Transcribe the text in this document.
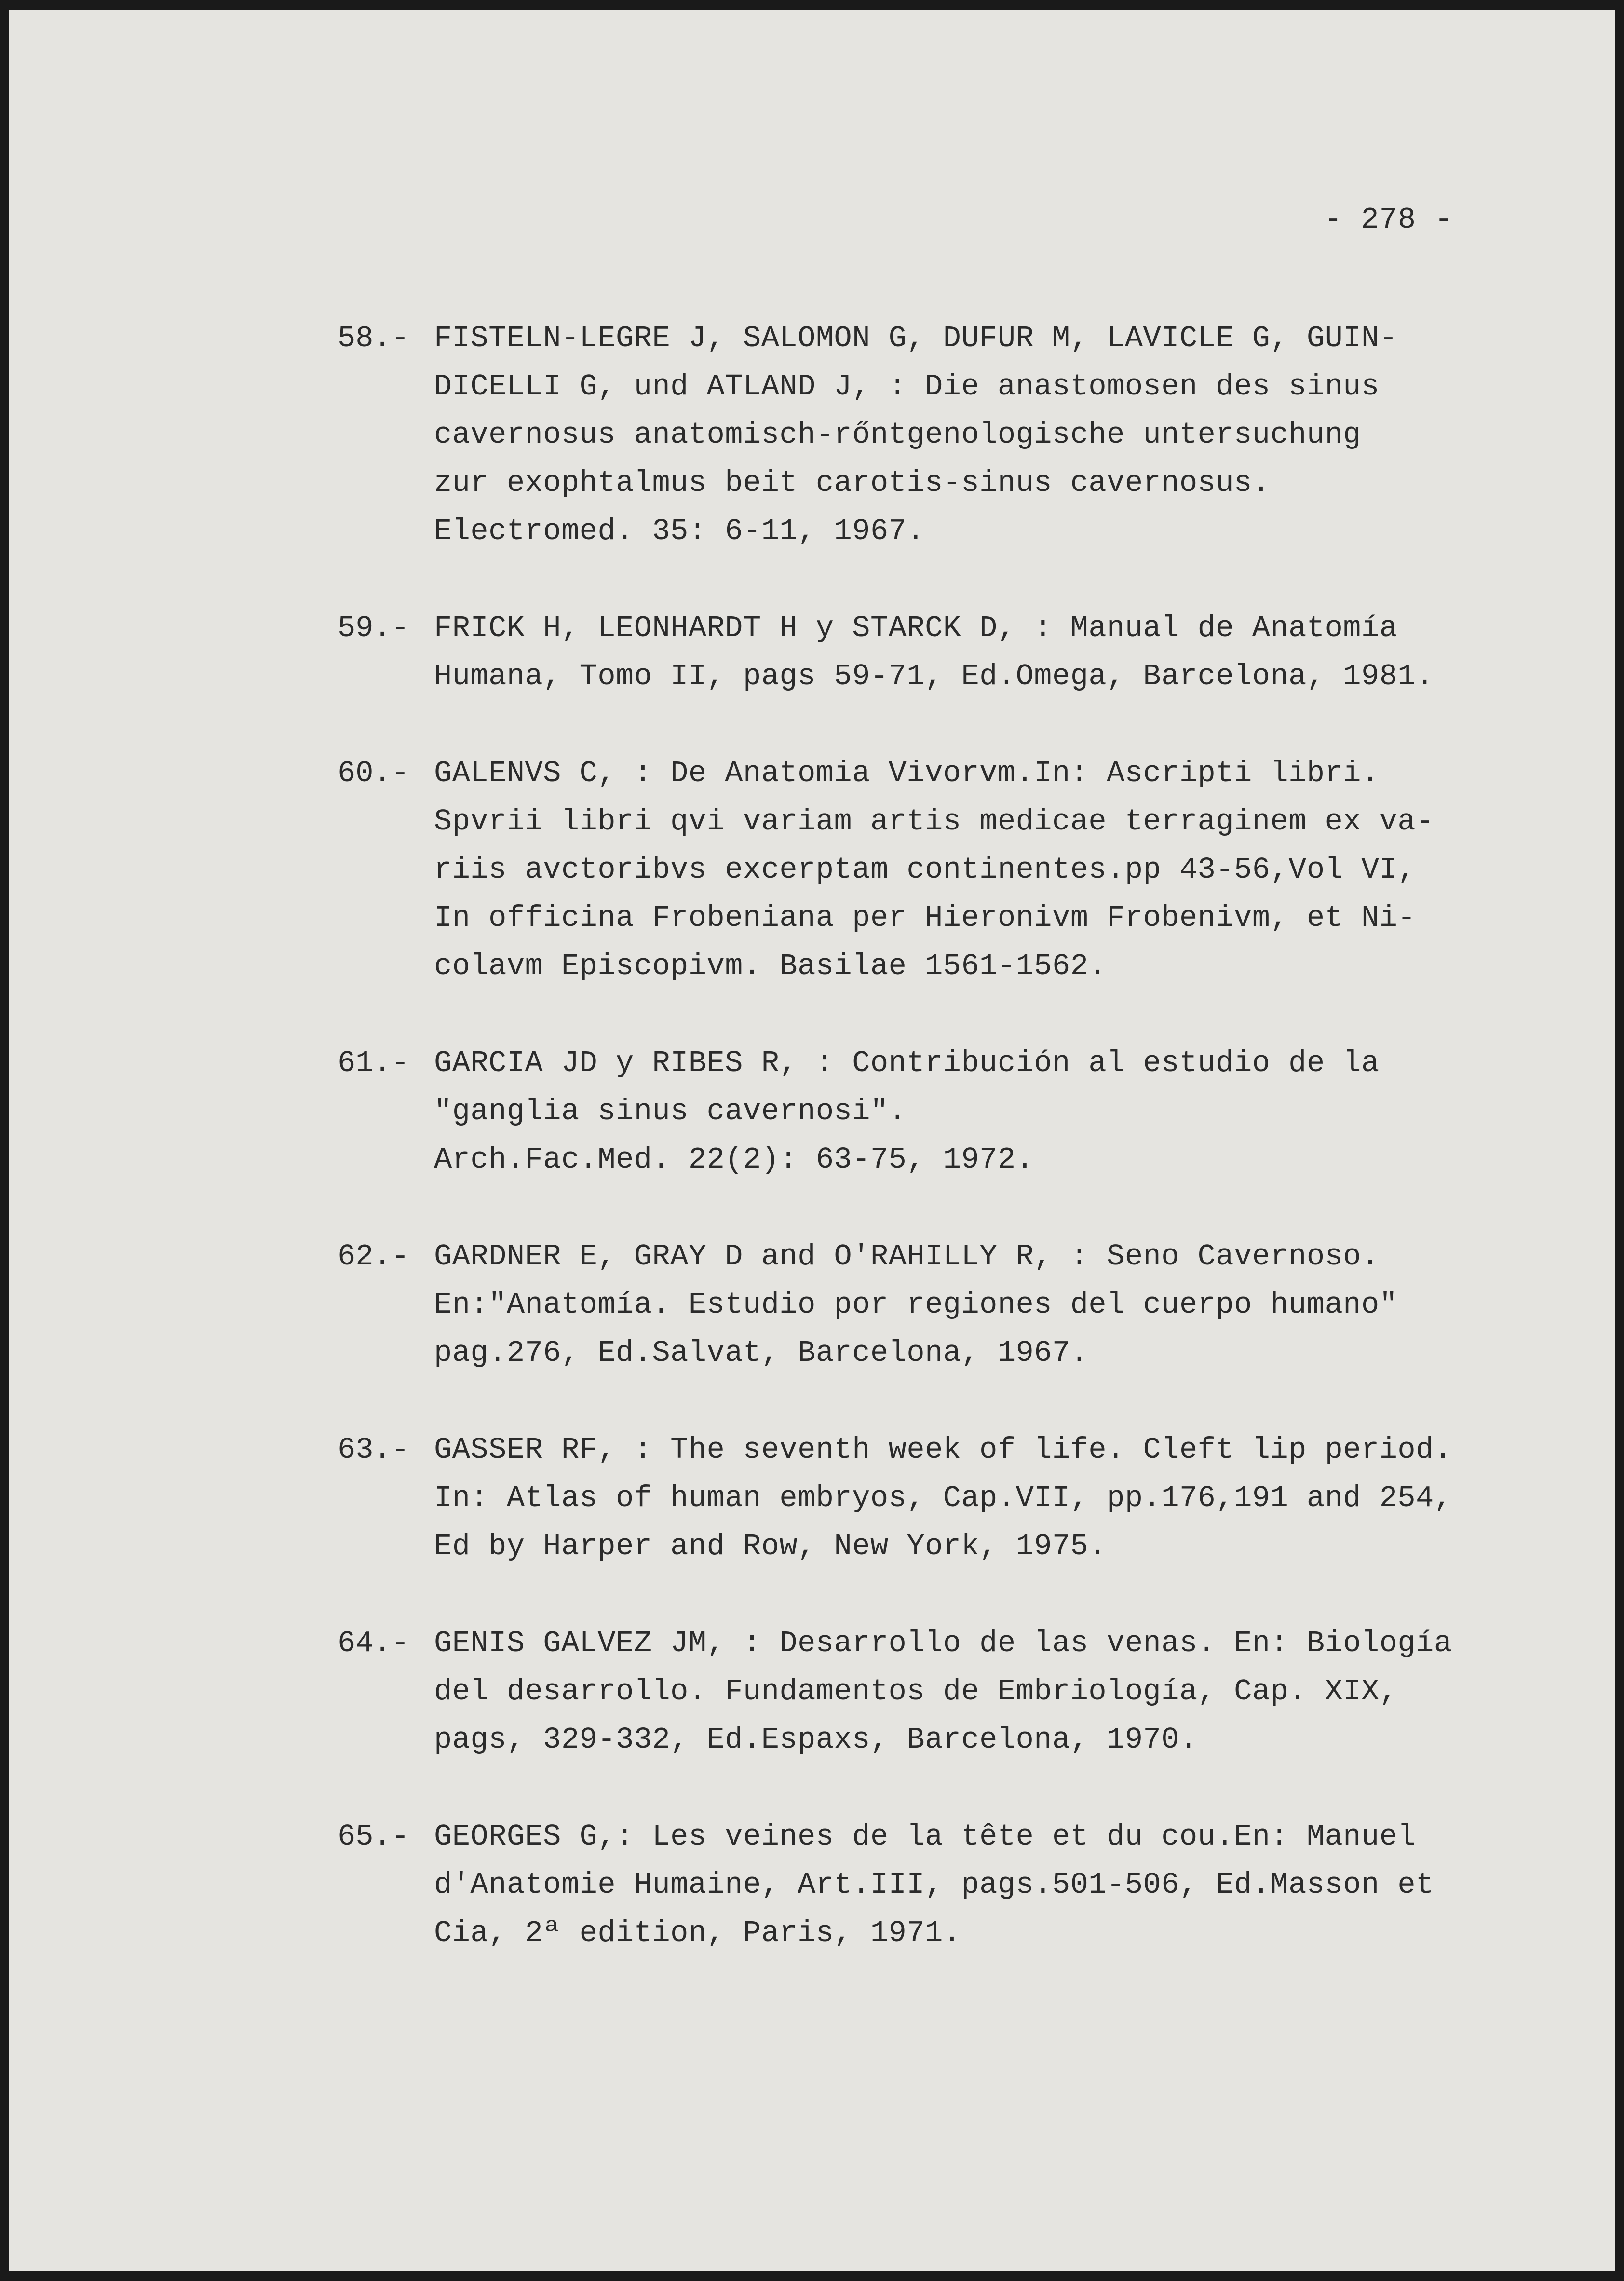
- 278 -
58.- FISTELN-LEGRE J, SALOMON G, DUFUR M, LAVICLE G, GUIN-
DICELLI G, und ATLAND J, : Die anastomosen des sinus
cavernosus anatomisch-rőntgenologische untersuchung
zur exophtalmus beit carotis-sinus cavernosus.
Electromed. 35: 6-11, 1967.
59.- FRICK H, LEONHARDT H y STARCK D, : Manual de Anatomía
Humana, Tomo II, pags 59-71, Ed.Omega, Barcelona, 1981.
60.- GALENVS C, : De Anatomia Vivorvm.In: Ascripti libri.
Spvrii libri qvi variam artis medicae terraginem ex va-
riis avctoribvs excerptam continentes.pp 43-56,Vol VI,
In officina Frobeniana per Hieronivm Frobenivm, et Ni-
colavm Episcopivm. Basilae 1561-1562.
61.- GARCIA JD y RIBES R, : Contribución al estudio de la
"ganglia sinus cavernosi".
Arch.Fac.Med. 22(2): 63-75, 1972.
62.- GARDNER E, GRAY D and O'RAHILLY R, : Seno Cavernoso.
En:"Anatomía. Estudio por regiones del cuerpo humano"
pag.276, Ed.Salvat, Barcelona, 1967.
63.- GASSER RF, : The seventh week of life. Cleft lip period.
In: Atlas of human embryos, Cap.VII, pp.176,191 and 254,
Ed by Harper and Row, New York, 1975.
64.- GENIS GALVEZ JM, : Desarrollo de las venas. En: Biología
del desarrollo. Fundamentos de Embriología, Cap. XIX,
pags, 329-332, Ed.Espaxs, Barcelona, 1970.
65.- GEORGES G,: Les veines de la tête et du cou.En: Manuel
d'Anatomie Humaine, Art.III, pags.501-506, Ed.Masson et
Cia, 2ª edition, Paris, 1971.
